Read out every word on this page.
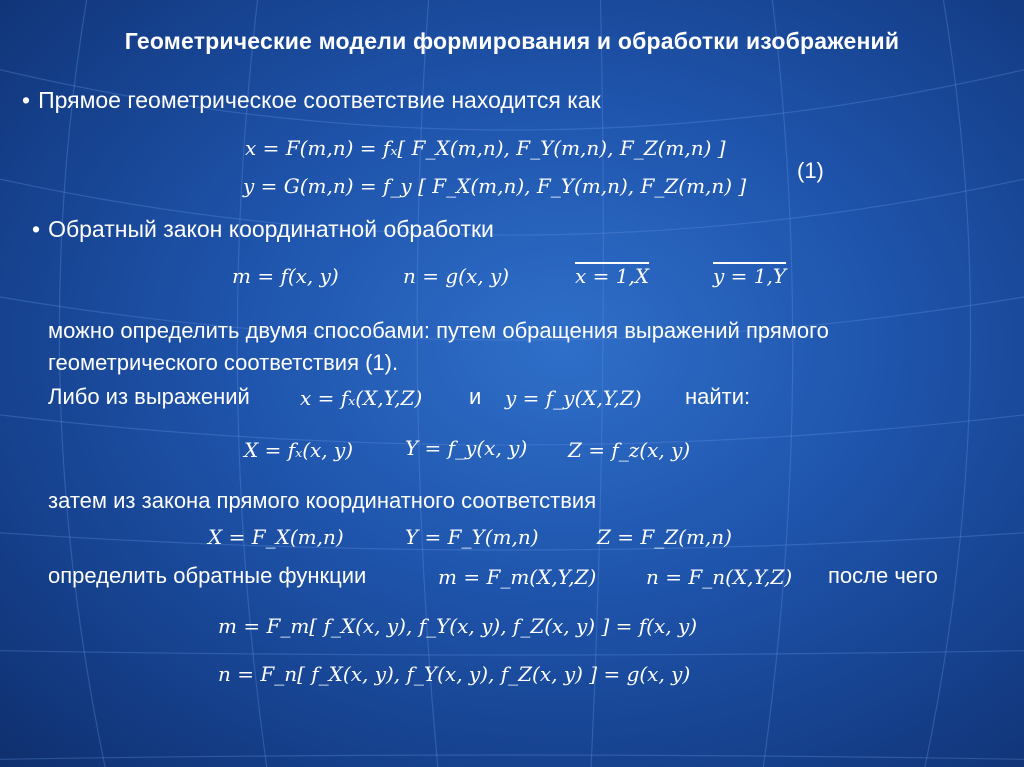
Геометрические модели формирования и обработки изображений
• Прямое геометрическое соответствие находится как
x = F(m,n) = fₓ[ F_X(m,n), F_Y(m,n), F_Z(m,n) ]
y = G(m,n) = f_y [ F_X(m,n), F_Y(m,n), F_Z(m,n) ]
(1)
• Обратный закон координатной обработки
m = f(x, y)	n = g(x, y)	x = 1,X	y = 1,Y
можно определить двумя способами: путем обращения выражений прямого
геометрического соответствия (1).
Либо из выражений	x = fₓ(X,Y,Z) и y = f_y(X,Y,Z) найти:
X = fₓ(x, y)	Y = f_y(x, y) Z = f_z(x, y)
затем из закона прямого координатного соответствия
X = F_X(m,n)	Y = F_Y(m,n)	Z = F_Z(m,n)
определить обратные функции	m = F_m(X,Y,Z) n = F_n(X,Y,Z) после чего
m = F_m[ f_X(x, y), f_Y(x, y), f_Z(x, y) ] = f(x, y)
n = F_n[ f_X(x, y), f_Y(x, y), f_Z(x, y) ] = g(x, y)
